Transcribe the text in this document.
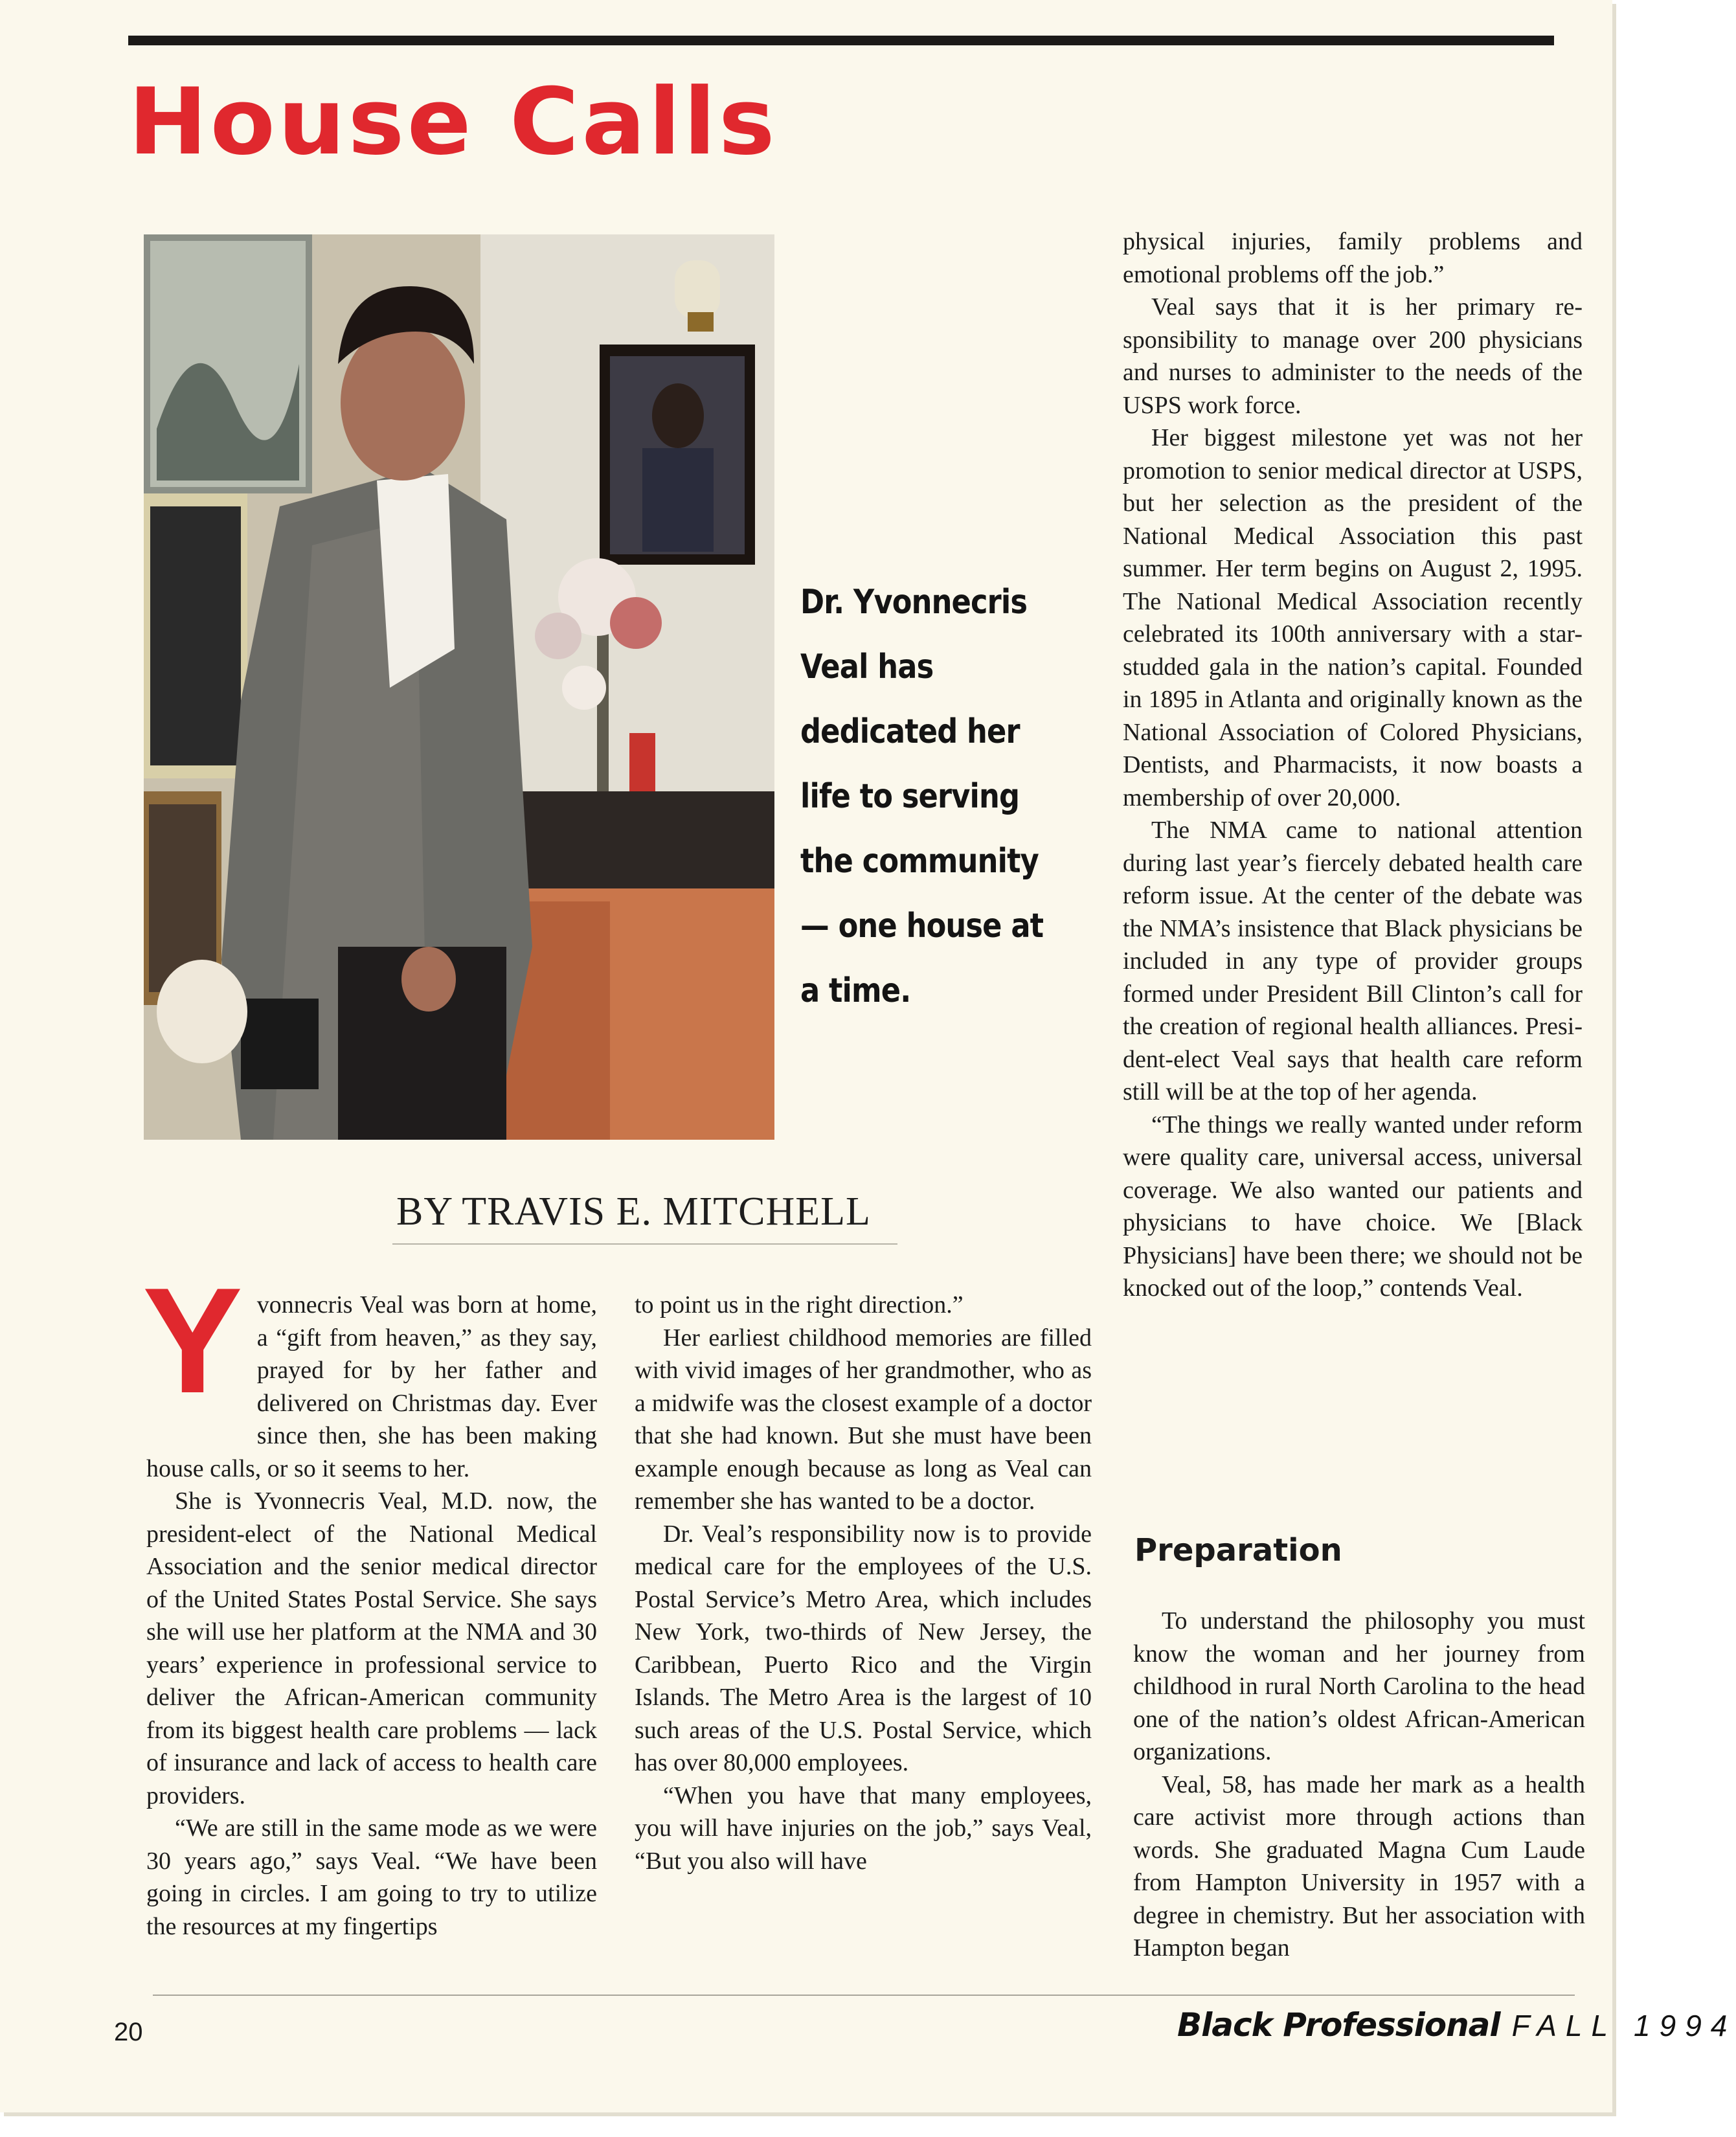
House Calls

Dr. Yvonnecris Veal has dedicated her life to serving the community— one house at a time.

BY TRAVIS E. MITCHELL

Y vonnecris Veal was born at home, a “gift from heaven,” as they say, prayed for by her father and delivered on Christmas day. Ever since then, she has been making house calls, or so it seems to her.

She is Yvonnecris Veal, M.D. now, the president-elect of the National Medical Association and the senior medical director of the United States Postal Service. She says she will use her platform at the NMA and 30 years’ experience in professional service to deliver the African-American community from its biggest health care problems — lack of insurance and lack of access to health care providers.

“We are still in the same mode as we were 30 years ago,” says Veal. “We have been going in circles. I am going to try to utilize the resources at my fingertips

to point us in the right direction.”

Her earliest childhood memories are filled with vivid images of her grandmother, who as a midwife was the closest example of a doctor that she had known. But she must have been example enough because as long as Veal can remember she has wanted to be a doctor.

Dr. Veal’s responsibility now is to provide medical care for the employees of the U.S. Postal Service’s Metro Area, which includes New York, two-thirds of New Jersey, the Caribbean, Puerto Rico and the Virgin Islands. The Metro Area is the largest of 10 such areas of the U.S. Postal Service, which has over 80,000 employees.

“When you have that many employees, you will have injuries on the job,” says Veal, “But you also will have

physical injuries, family problems and emotional problems off the job.”

Veal says that it is her primary responsibility to manage over 200 physicians and nurses to administer to the needs of the USPS work force.

Her biggest milestone yet was not her promotion to senior medical director at USPS, but her selection as the president of the National Medical Association this past summer. Her term begins on August 2, 1995. The National Medical Association recently celebrated its 100th anniversary with a star-studded gala in the nation’s capital. Founded in 1895 in Atlanta and originally known as the National Association of Colored Physicians, Dentists, and Pharmacists, it now boasts a membership of over 20,000.

The NMA came to national attention during last year’s fiercely debated health care reform issue. At the center of the debate was the NMA’s insistence that Black physicians be included in any type of provider groups formed under President Bill Clinton’s call for the creation of regional health alliances. President-elect Veal says that health care reform still will be at the top of her agenda.

“The things we really wanted under reform were quality care, universal access, universal coverage. We also wanted our patients and physicians to have choice. We [Black Physicians] have been there; we should not be knocked out of the loop,” contends Veal.

Preparation

To understand the philosophy you must know the woman and her journey from childhood in rural North Carolina to the head one of the nation’s oldest African-American organizations.

Veal, 58, has made her mark as a health care activist more through actions than words. She graduated Magna Cum Laude from Hampton University in 1957 with a degree in chemistry. But her association with Hampton began

20	Black Professional FALL 1994
